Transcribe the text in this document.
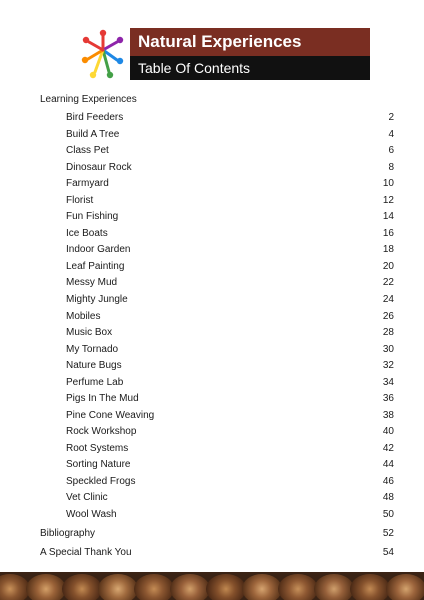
Natural Experiences
Table Of Contents
Learning Experiences
Bird Feeders	2
Build A Tree	4
Class Pet	6
Dinosaur Rock	8
Farmyard	10
Florist	12
Fun Fishing	14
Ice Boats	16
Indoor Garden	18
Leaf Painting	20
Messy Mud	22
Mighty Jungle	24
Mobiles	26
Music Box	28
My Tornado	30
Nature Bugs	32
Perfume Lab	34
Pigs In The Mud	36
Pine Cone Weaving	38
Rock Workshop	40
Root Systems	42
Sorting Nature	44
Speckled Frogs	46
Vet Clinic	48
Wool Wash	50
Bibliography	52
A Special Thank You	54
